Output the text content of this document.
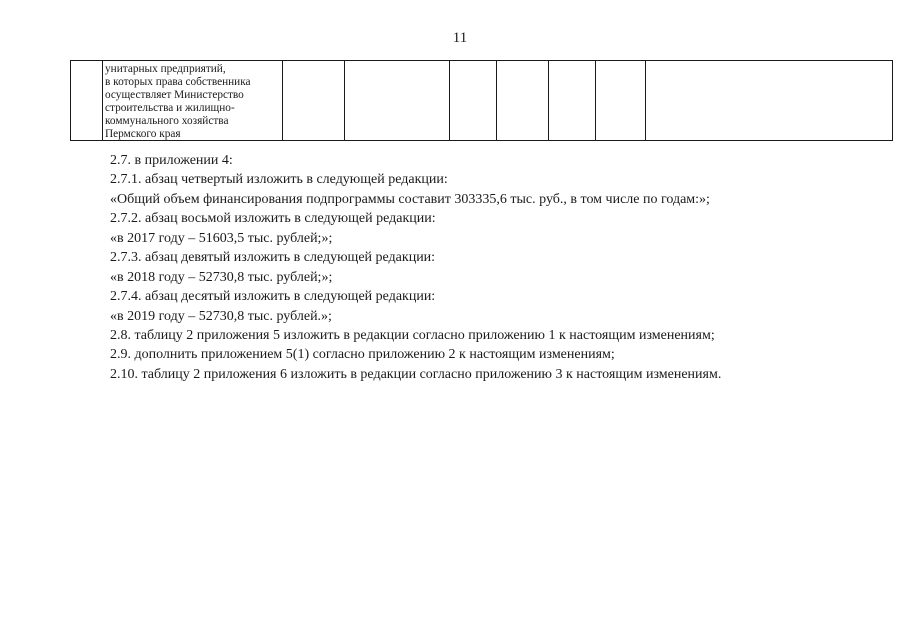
11

унитарных предприятий,
в которых права собственника
осуществляет Министерство
строительства и жилищно-
коммунального хозяйства
Пермского края

2.7. в приложении 4:
2.7.1. абзац четвертый изложить в следующей редакции:
«Общий объем финансирования подпрограммы составит 303335,6 тыс. руб., в том числе по годам:»;
2.7.2. абзац восьмой изложить в следующей редакции:
«в 2017 году – 51603,5 тыс. рублей;»;
2.7.3. абзац девятый изложить в следующей редакции:
«в 2018 году – 52730,8 тыс. рублей;»;
2.7.4. абзац десятый изложить в следующей редакции:
«в 2019 году – 52730,8 тыс. рублей.»;
2.8. таблицу 2 приложения 5 изложить в редакции согласно приложению 1 к настоящим изменениям;
2.9. дополнить приложением 5(1) согласно приложению 2 к настоящим изменениям;
2.10. таблицу 2 приложения 6 изложить в редакции согласно приложению 3 к настоящим изменениям.
